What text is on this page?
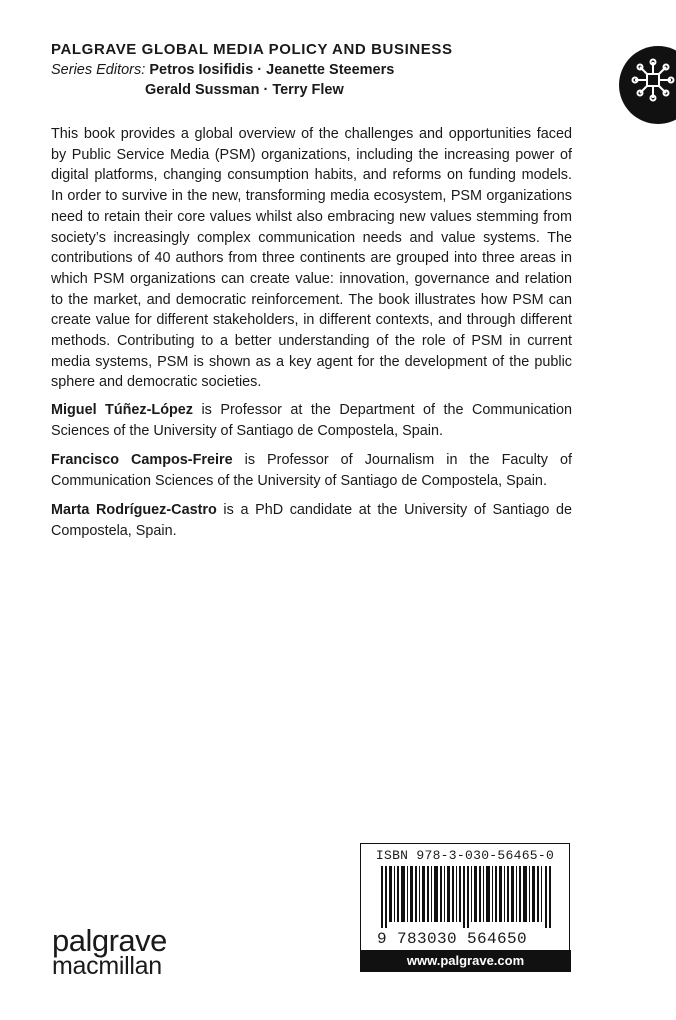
PALGRAVE GLOBAL MEDIA POLICY AND BUSINESS
Series Editors: Petros Iosifidis · Jeanette Steemers
Gerald Sussman · Terry Flew

This book provides a global overview of the challenges and opportunities faced by Public Service Media (PSM) organizations, including the increasing power of digital platforms, changing consumption habits, and reforms on funding models. In order to survive in the new, transforming media ecosystem, PSM organizations need to retain their core values whilst also embracing new values stemming from society’s increasingly complex communication needs and value systems. The contributions of 40 authors from three continents are grouped into three areas in which PSM organizations can create value: innovation, governance and relation to the market, and democratic reinforcement. The book illustrates how PSM can create value for different stakeholders, in different contexts, and through different methods. Contributing to a better understanding of the role of PSM in current media systems, PSM is shown as a key agent for the development of the public sphere and democratic societies.

Miguel Túñez-López is Professor at the Department of the Communication Sciences of the University of Santiago de Compostela, Spain.

Francisco Campos-Freire is Professor of Journalism in the Faculty of Communication Sciences of the University of Santiago de Compostela, Spain.

Marta Rodríguez-Castro is a PhD candidate at the University of Santiago de Compostela, Spain.

palgrave
macmillan
ISBN 978-3-030-56465-0
9 783030 564650
www.palgrave.com
